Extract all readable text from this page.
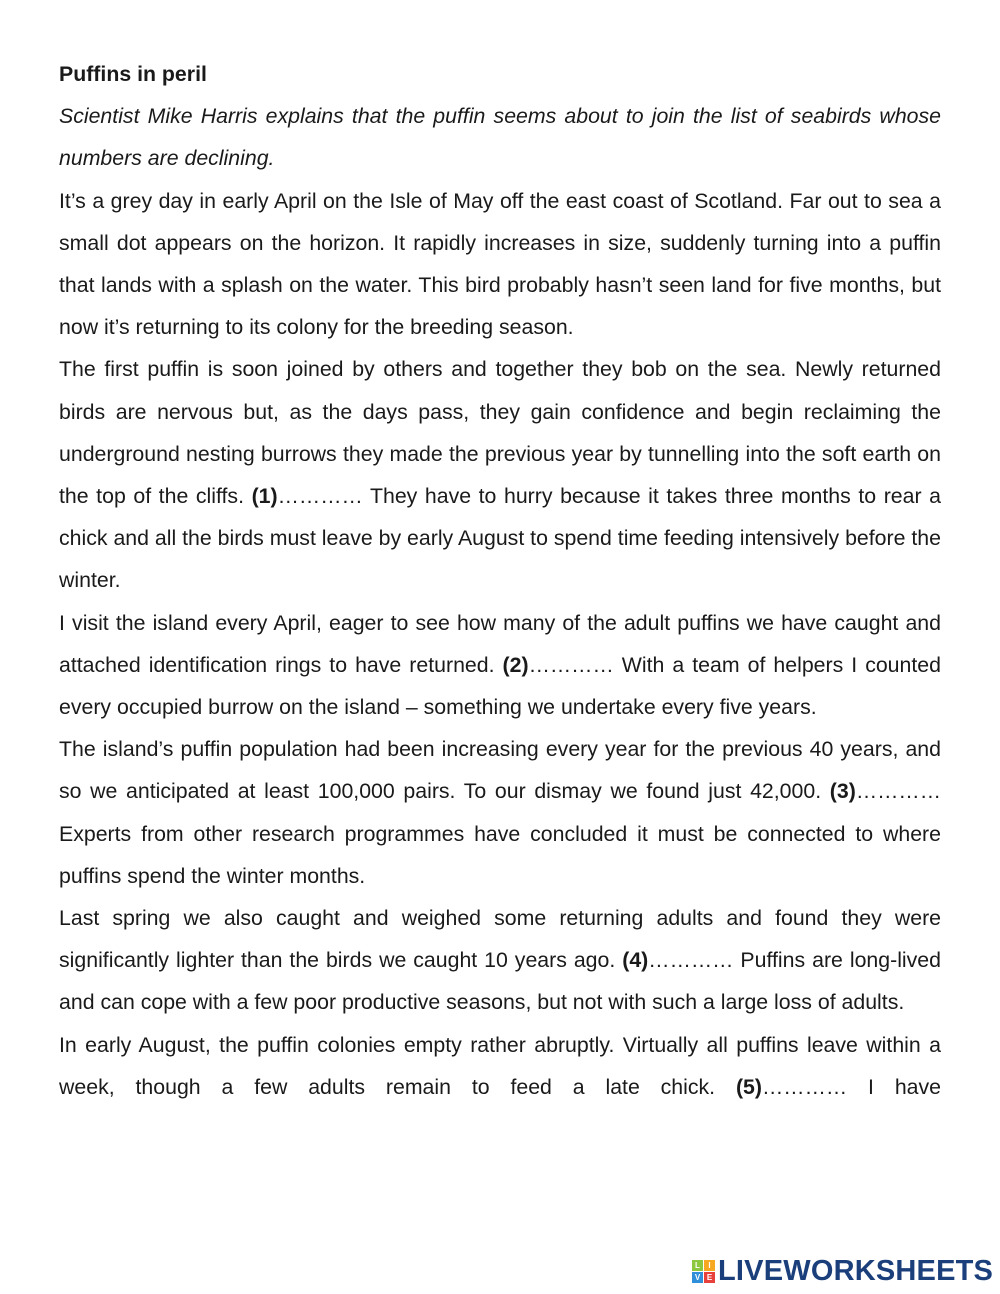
Puffins in peril

Scientist Mike Harris explains that the puffin seems about to join the list of seabirds whose numbers are declining.

It’s a grey day in early April on the Isle of May off the east coast of Scotland. Far out to sea a small dot appears on the horizon. It rapidly increases in size, suddenly turning into a puffin that lands with a splash on the water. This bird probably hasn’t seen land for five months, but now it’s returning to its colony for the breeding season.

The first puffin is soon joined by others and together they bob on the sea. Newly returned birds are nervous but, as the days pass, they gain confidence and begin reclaiming the underground nesting burrows they made the previous year by tunnelling into the soft earth on the top of the cliffs. (1)………… They have to hurry because it takes three months to rear a chick and all the birds must leave by early August to spend time feeding intensively before the winter.

I visit the island every April, eager to see how many of the adult puffins we have caught and attached identification rings to have returned. (2)………… With a team of helpers I counted every occupied burrow on the island – something we undertake every five years.

The island’s puffin population had been increasing every year for the previous 40 years, and so we anticipated at least 100,000 pairs. To our dismay we found just 42,000. (3)………… Experts from other research programmes have concluded it must be connected to where puffins spend the winter months.

Last spring we also caught and weighed some returning adults and found they were significantly lighter than the birds we caught 10 years ago. (4)………… Puffins are long-lived and can cope with a few poor productive seasons, but not with such a large loss of adults.

In early August, the puffin colonies empty rather abruptly. Virtually all puffins leave within a week, though a few adults remain to feed a late chick. (5)………… I have

L	I
V E LIVEWORKSHEETS
